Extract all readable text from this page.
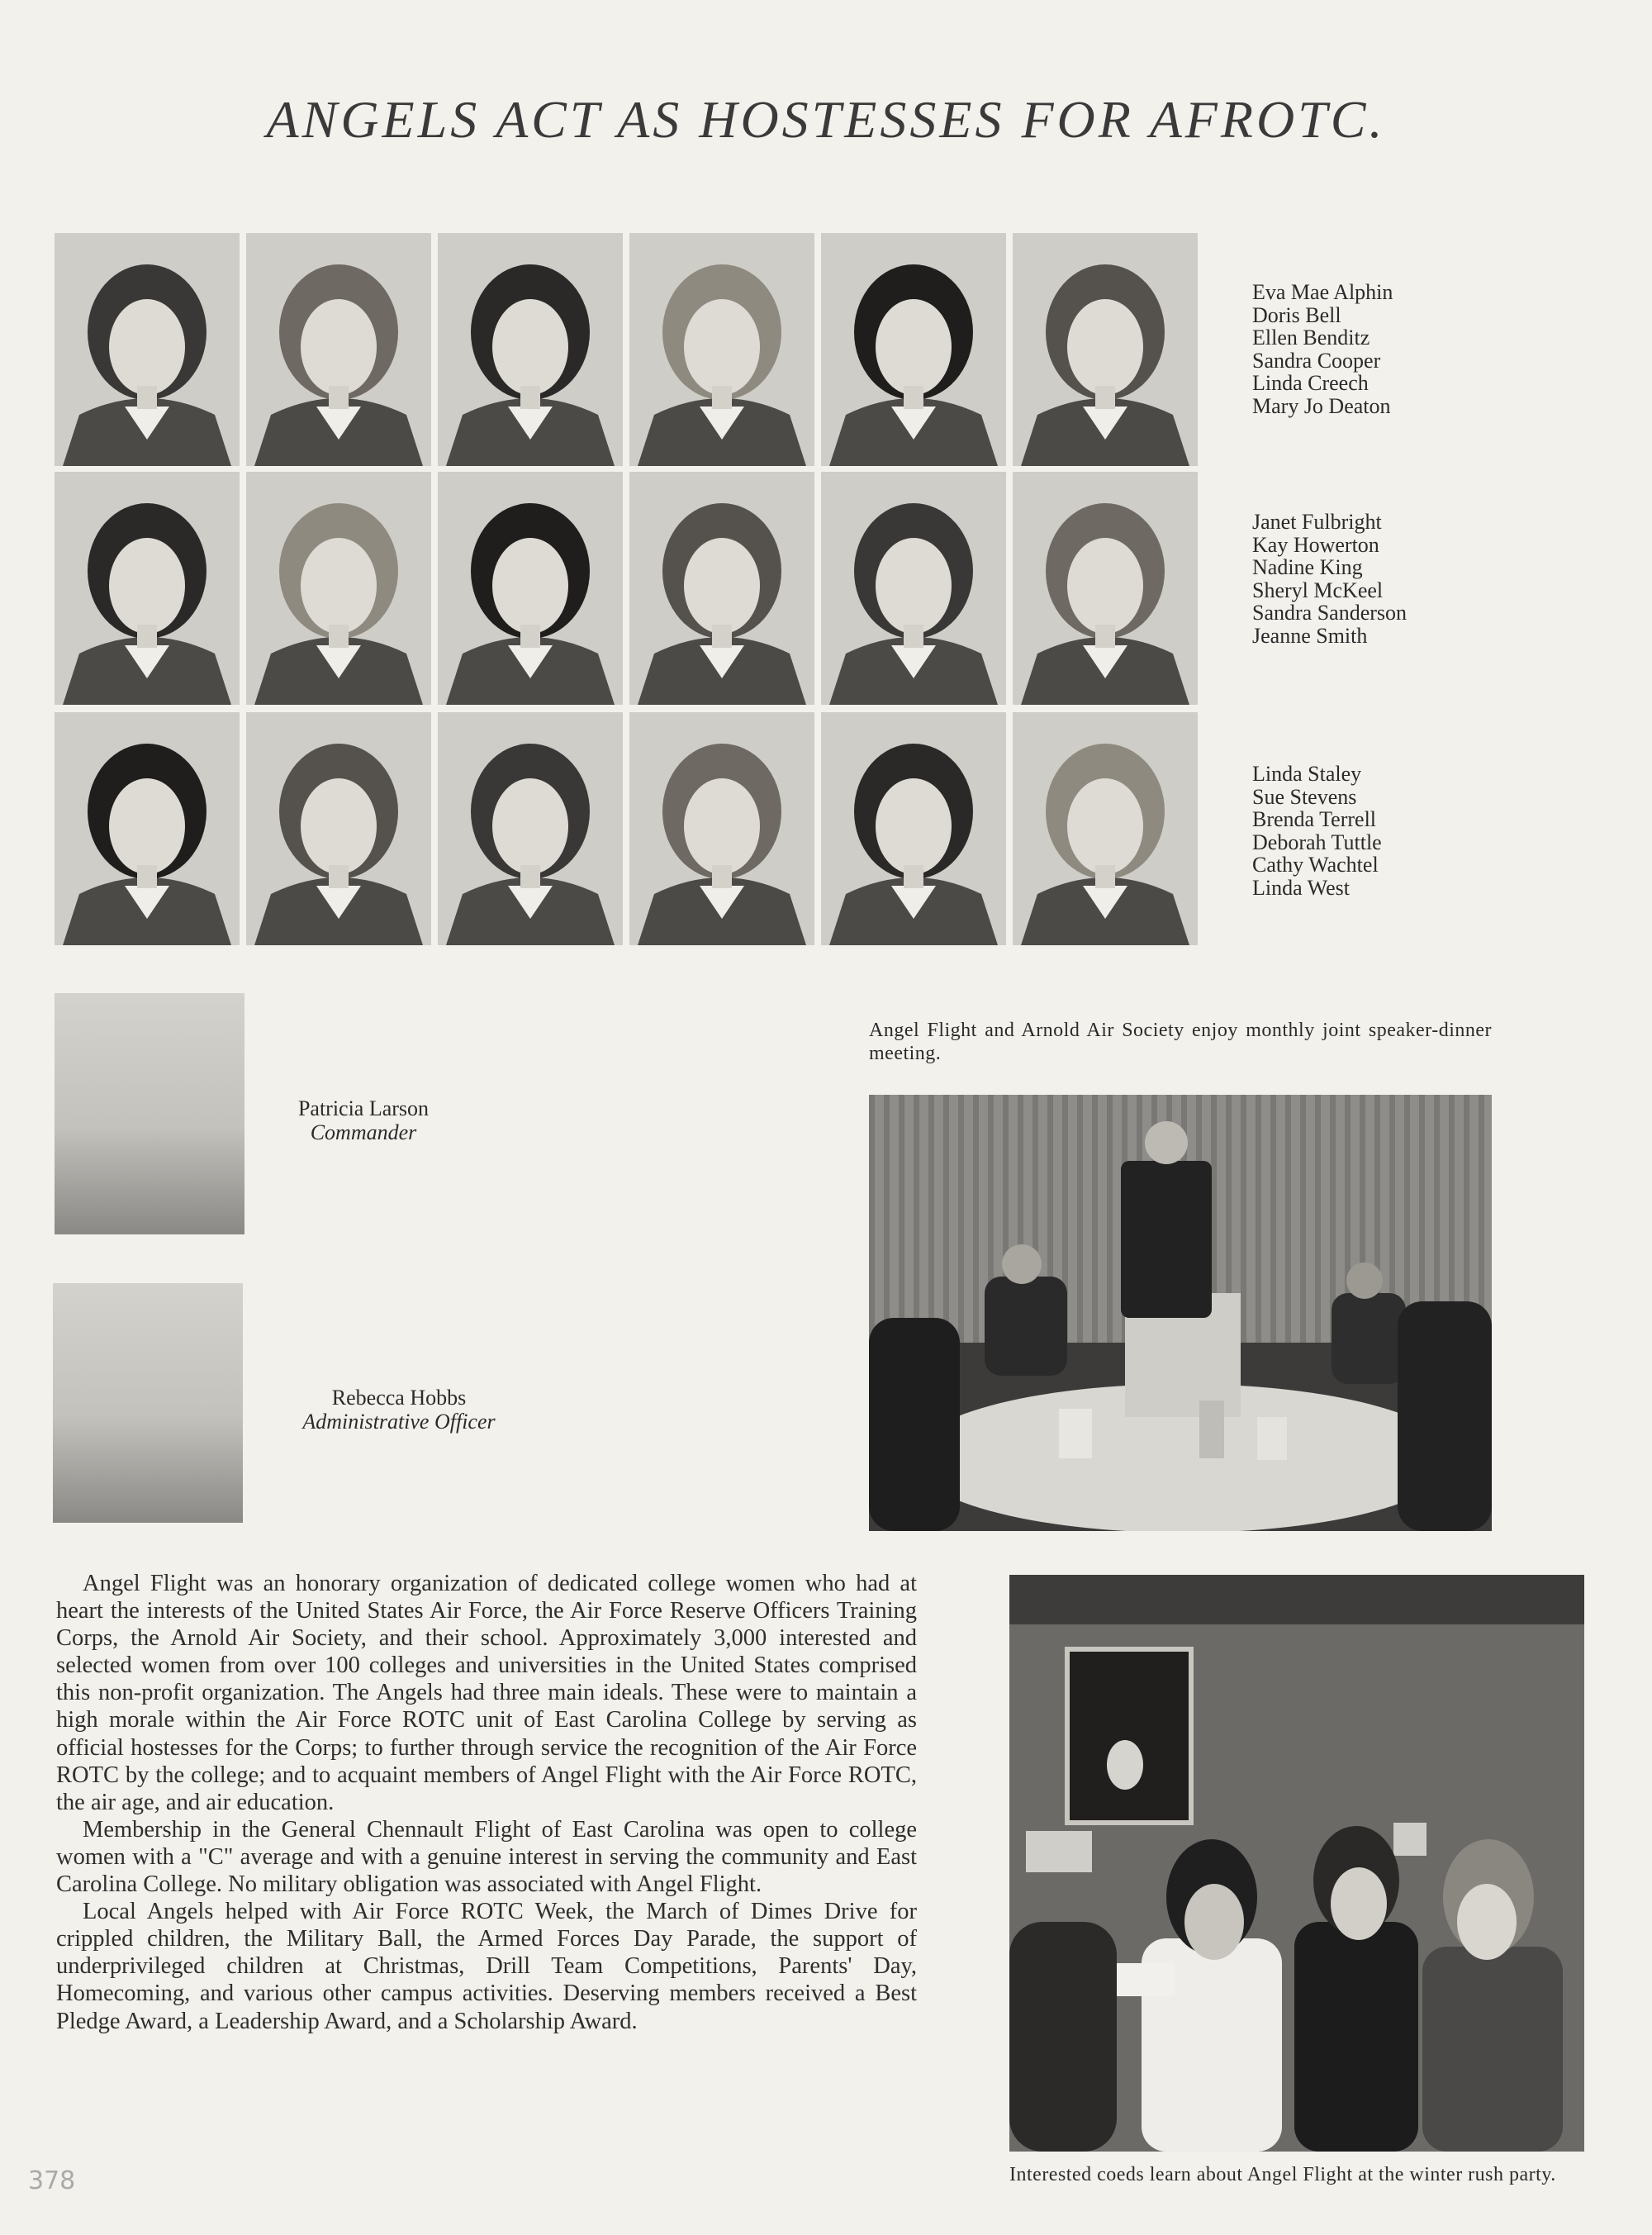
ANGELS ACT AS HOSTESSES FOR AFROTC.
Eva Mae Alphin
Doris Bell
Ellen Benditz
Sandra Cooper
Linda Creech
Mary Jo Deaton
Janet Fulbright
Kay Howerton
Nadine King
Sheryl McKeel
Sandra Sanderson
Jeanne Smith
Linda Staley
Sue Stevens
Brenda Terrell
Deborah Tuttle
Cathy Wachtel
Linda West
Patricia Larson
Commander
Rebecca Hobbs
Administrative Officer
Angel Flight and Arnold Air Society enjoy monthly joint speaker-dinner meeting.

Angel Flight was an honorary organization of dedicated college women who had at heart the interests of the United States Air Force, the Air Force Reserve Officers Training Corps, the Arnold Air Society, and their school. Approximately 3,000 interested and selected women from over 100 colleges and universities in the United States comprised this non-profit organization. The Angels had three main ideals. These were to maintain a high morale within the Air Force ROTC unit of East Carolina College by serving as official hostesses for the Corps; to further through service the recognition of the Air Force ROTC by the college; and to acquaint members of Angel Flight with the Air Force ROTC, the air age, and air education.

Membership in the General Chennault Flight of East Carolina was open to college women with a "C" average and with a genuine interest in serving the community and East Carolina College. No military obligation was associated with Angel Flight.

Local Angels helped with Air Force ROTC Week, the March of Dimes Drive for crippled children, the Military Ball, the Armed Forces Day Parade, the support of underprivileged children at Christmas, Drill Team Competitions, Parents' Day, Homecoming, and various other campus activities. Deserving members received a Best Pledge Award, a Leadership Award, and a Scholarship Award.

Interested coeds learn about Angel Flight at the winter rush party.
378
